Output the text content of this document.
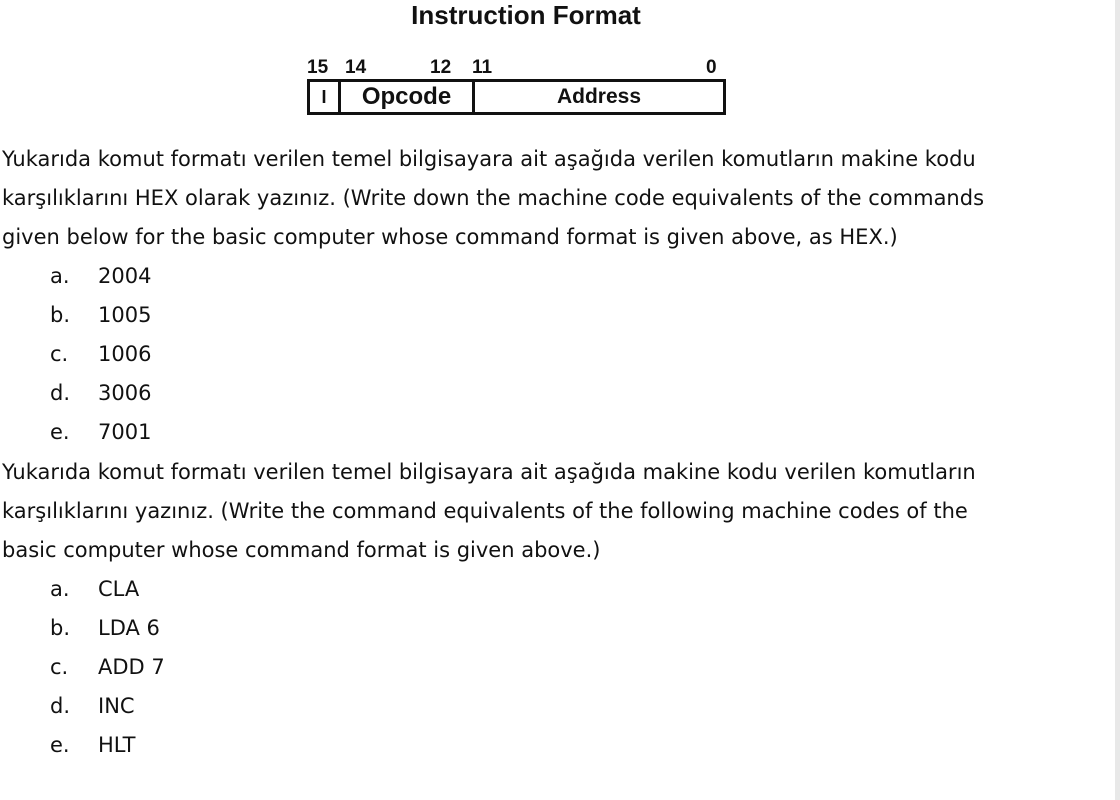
Instruction Format
15 14	12 11	0
I	Opcode	Address
Yukarıda komut formatı verilen temel bilgisayara ait aşağıda verilen komutların makine kodu
karşılıklarını HEX olarak yazınız. (Write down the machine code equivalents of the commands
given below for the basic computer whose command format is given above, as HEX.)
a.	2004
b.	1005
c.	1006
d.	3006
e.	7001
Yukarıda komut formatı verilen temel bilgisayara ait aşağıda makine kodu verilen komutların
karşılıklarını yazınız. (Write the command equivalents of the following machine codes of the
basic computer whose command format is given above.)
a.	CLA
b.	LDA 6
c.	ADD 7
d.	INC
e.	HLT
